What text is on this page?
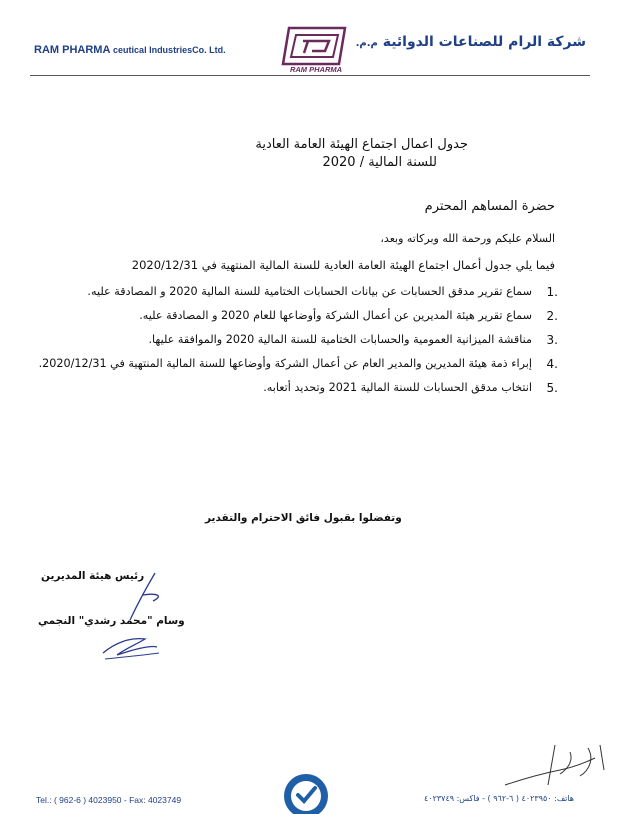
RAM PHARMA ceutical IndustriesCo. Ltd.
RAM PHARMA
شركة الرام للصناعات الدوائية م.م.
جدول اعمال اجتماع الهيئة العامة العادية
للسنة المالية / 2020
حضرة المساهم المحترم
السلام عليكم ورحمة الله وبركاته وبعد،
فيما يلي جدول أعمال اجتماع الهيئة العامة العادية للسنة المالية المنتهية في 2020/12/31
.1
سماع تقرير مدقق الحسابات عن بيانات الحسابات الختامية للسنة المالية 2020 و المصادقة عليه.
.2
سماع تقرير هيئة المديرين عن أعمال الشركة وأوضاعها للعام 2020 و المصادقة عليه.
.3
مناقشة الميزانية العمومية والحسابات الختامية للسنة المالية 2020 والموافقة عليها.
.4
إبراء ذمة هيئة المديرين والمدير العام عن أعمال الشركة وأوضاعها للسنة المالية المنتهية في 2020/12/31.
.5
انتخاب مدقق الحسابات للسنة المالية 2021 وتحديد أتعابه.
وتفضلوا بقبول فائق الاحترام والتقدير
رئيس هيئة المديرين
وسام "محمد رشدي" النجمي
Tel.: ( 962-6 ) 4023950 - Fax: 4023749	هاتف: ٤٠٢٣٩٥٠ ( ٦-٩٦٢ ) - فاكس: ٤٠٢٣٧٤٩
